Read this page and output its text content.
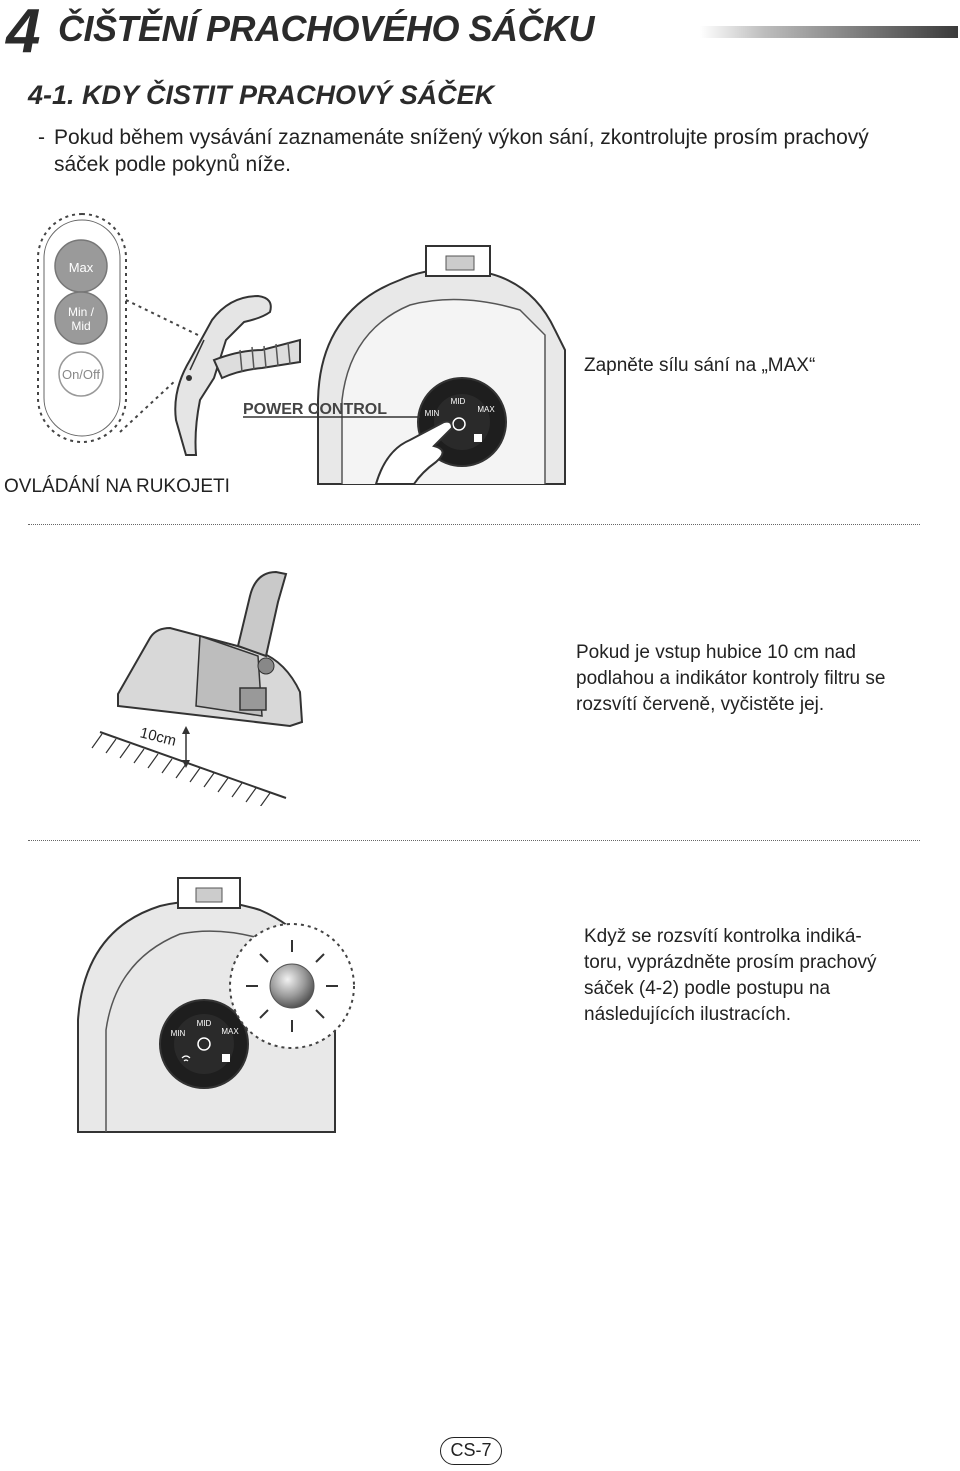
4 ČIŠTĚNÍ PRACHOVÉHO SÁČKU
4-1. KDY ČISTIT PRACHOVÝ SÁČEK
- Pokud během vysávání zaznamenáte snížený výkon sání, zkontrolujte prosím prachový sáček podle pokynů níže.
Max
Min /
Mid
On/Off
MID
MAX
MIN
POWER CONTROL
Zapněte sílu sání na „MAX“
OVLÁDÁNÍ NA RUKOJETI
10cm
Pokud je vstup hubice 10 cm nad
podlahou a indikátor kontroly filtru se
rozsvítí červeně, vyčistěte jej.
MID
MAX
MIN
Když se rozsvítí kontrolka indiká-
toru, vyprázdněte prosím prachový
sáček (4-2) podle postupu na
následujících ilustracích.
CS-7
